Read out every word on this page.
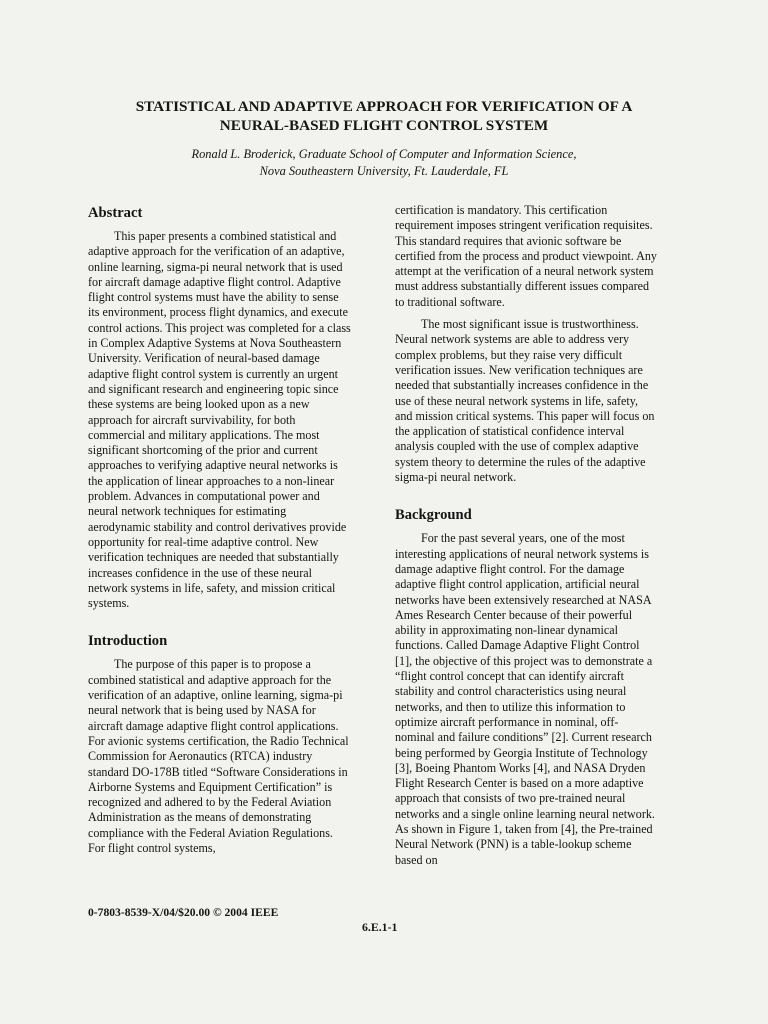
STATISTICAL AND ADAPTIVE APPROACH FOR VERIFICATION OF A
NEURAL-BASED FLIGHT CONTROL SYSTEM
Ronald L. Broderick, Graduate School of Computer and Information Science,
Nova Southeastern University, Ft. Lauderdale, FL
Abstract

This paper presents a combined statistical and adaptive approach for the verification of an adaptive, online learning, sigma-pi neural network that is used for aircraft damage adaptive flight control. Adaptive flight control systems must have the ability to sense its environment, process flight dynamics, and execute control actions. This project was completed for a class in Complex Adaptive Systems at Nova Southeastern University. Verification of neural-based damage adaptive flight control system is currently an urgent and significant research and engineering topic since these systems are being looked upon as a new approach for aircraft survivability, for both commercial and military applications. The most significant shortcoming of the prior and current approaches to verifying adaptive neural networks is the application of linear approaches to a non-linear problem. Advances in computational power and neural network techniques for estimating aerodynamic stability and control derivatives provide opportunity for real-time adaptive control. New verification techniques are needed that substantially increases confidence in the use of these neural network systems in life, safety, and mission critical systems.

Introduction

The purpose of this paper is to propose a combined statistical and adaptive approach for the verification of an adaptive, online learning, sigma-pi neural network that is being used by NASA for aircraft damage adaptive flight control applications. For avionic systems certification, the Radio Technical Commission for Aeronautics (RTCA) industry standard DO-178B titled “Software Considerations in Airborne Systems and Equipment Certification” is recognized and adhered to by the Federal Aviation Administration as the means of demonstrating compliance with the Federal Aviation Regulations. For flight control systems,

certification is mandatory. This certification requirement imposes stringent verification requisites. This standard requires that avionic software be certified from the process and product viewpoint. Any attempt at the verification of a neural network system must address substantially different issues compared to traditional software.

The most significant issue is trustworthiness. Neural network systems are able to address very complex problems, but they raise very difficult verification issues. New verification techniques are needed that substantially increases confidence in the use of these neural network systems in life, safety, and mission critical systems. This paper will focus on the application of statistical confidence interval analysis coupled with the use of complex adaptive system theory to determine the rules of the adaptive sigma-pi neural network.

Background

For the past several years, one of the most interesting applications of neural network systems is damage adaptive flight control. For the damage adaptive flight control application, artificial neural networks have been extensively researched at NASA Ames Research Center because of their powerful ability in approximating non-linear dynamical functions. Called Damage Adaptive Flight Control [1], the objective of this project was to demonstrate a “flight control concept that can identify aircraft stability and control characteristics using neural networks, and then to utilize this information to optimize aircraft performance in nominal, off-nominal and failure conditions” [2]. Current research being performed by Georgia Institute of Technology [3], Boeing Phantom Works [4], and NASA Dryden Flight Research Center is based on a more adaptive approach that consists of two pre-trained neural networks and a single online learning neural network. As shown in Figure 1, taken from [4], the Pre-trained Neural Network (PNN) is a table-lookup scheme based on

0-7803-8539-X/04/$20.00 © 2004 IEEE

6.E.1-1
